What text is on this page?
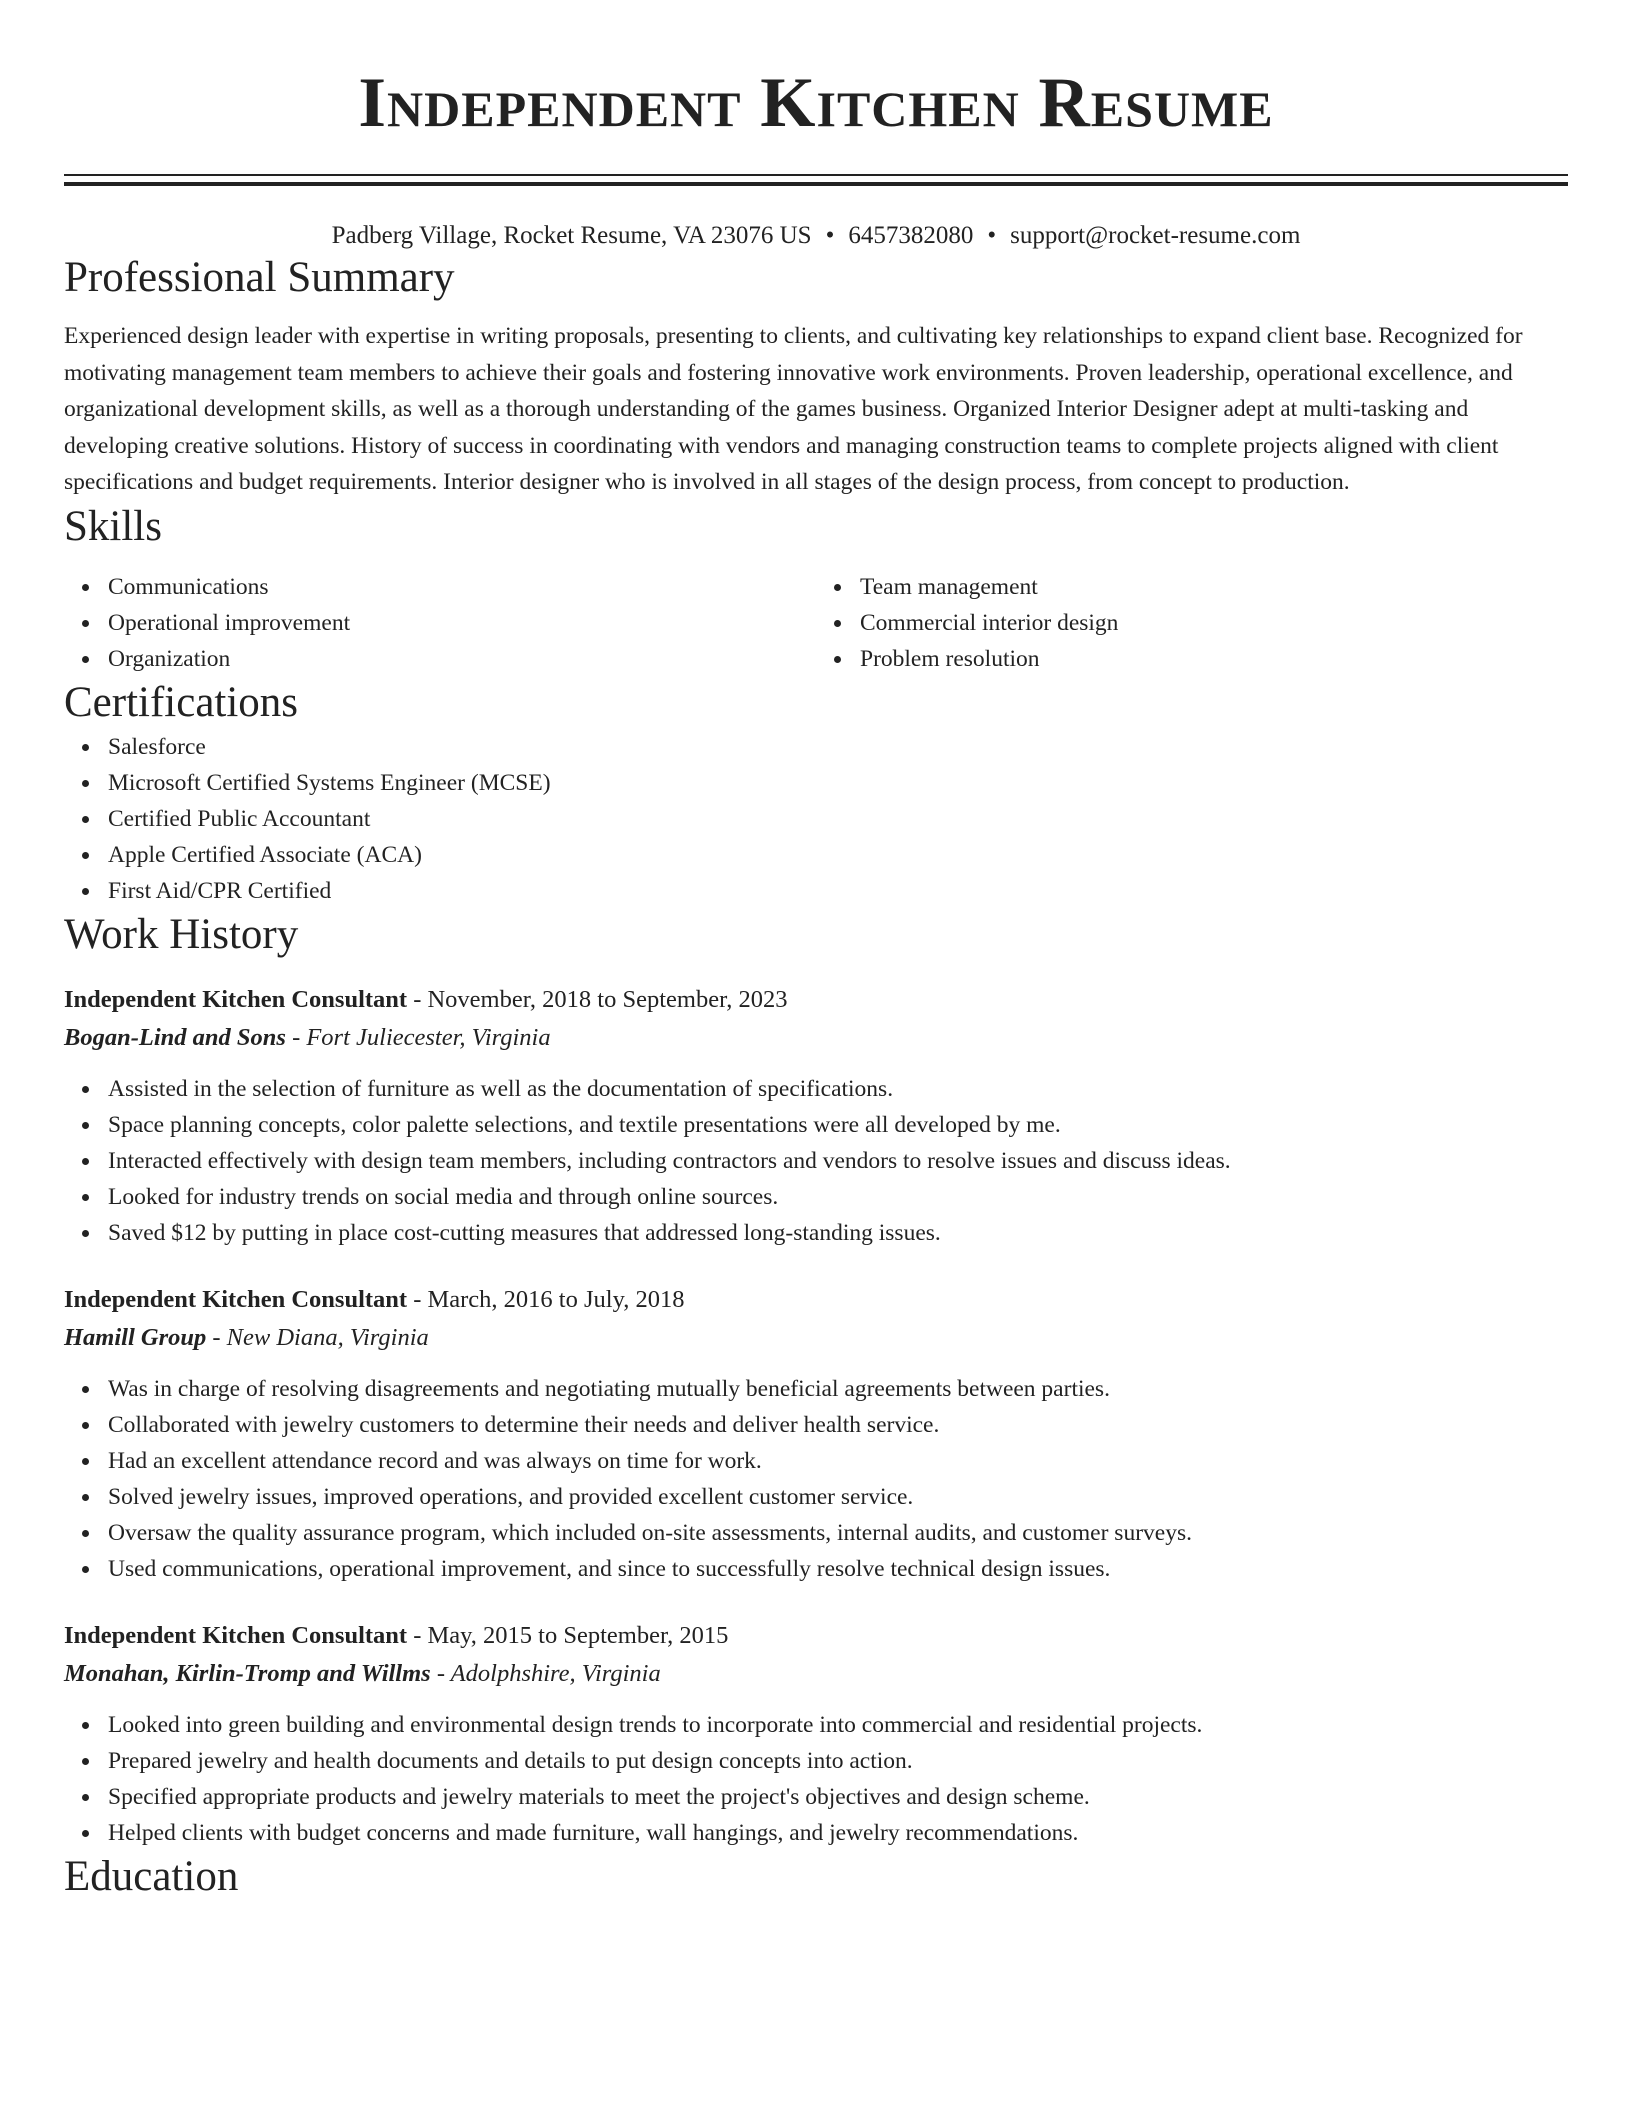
Independent Kitchen Resume
Padberg Village, Rocket Resume, VA 23076 US • 6457382080 • support@rocket-resume.com
Professional Summary

Experienced design leader with expertise in writing proposals, presenting to clients, and cultivating key relationships to expand client base. Recognized for motivating management team members to achieve their goals and fostering innovative work environments. Proven leadership, operational excellence, and organizational development skills, as well as a thorough understanding of the games business. Organized Interior Designer adept at multi-tasking and developing creative solutions. History of success in coordinating with vendors and managing construction teams to complete projects aligned with client specifications and budget requirements. Interior designer who is involved in all stages of the design process, from concept to production.

Skills
Communications
Operational improvement
Organization
Team management
Commercial interior design
Problem resolution
Certifications
Salesforce
Microsoft Certified Systems Engineer (MCSE)
Certified Public Accountant
Apple Certified Associate (ACA)
First Aid/CPR Certified
Work History
Independent Kitchen Consultant - November, 2018 to September, 2023
Bogan-Lind and Sons - Fort Juliecester, Virginia
Assisted in the selection of furniture as well as the documentation of specifications.
Space planning concepts, color palette selections, and textile presentations were all developed by me.
Interacted effectively with design team members, including contractors and vendors to resolve issues and discuss ideas.
Looked for industry trends on social media and through online sources.
Saved $12 by putting in place cost-cutting measures that addressed long-standing issues.
Independent Kitchen Consultant - March, 2016 to July, 2018
Hamill Group - New Diana, Virginia
Was in charge of resolving disagreements and negotiating mutually beneficial agreements between parties.
Collaborated with jewelry customers to determine their needs and deliver health service.
Had an excellent attendance record and was always on time for work.
Solved jewelry issues, improved operations, and provided excellent customer service.
Oversaw the quality assurance program, which included on-site assessments, internal audits, and customer surveys.
Used communications, operational improvement, and since to successfully resolve technical design issues.
Independent Kitchen Consultant - May, 2015 to September, 2015
Monahan, Kirlin-Tromp and Willms - Adolphshire, Virginia
Looked into green building and environmental design trends to incorporate into commercial and residential projects.
Prepared jewelry and health documents and details to put design concepts into action.
Specified appropriate products and jewelry materials to meet the project's objectives and design scheme.
Helped clients with budget concerns and made furniture, wall hangings, and jewelry recommendations.
Education
